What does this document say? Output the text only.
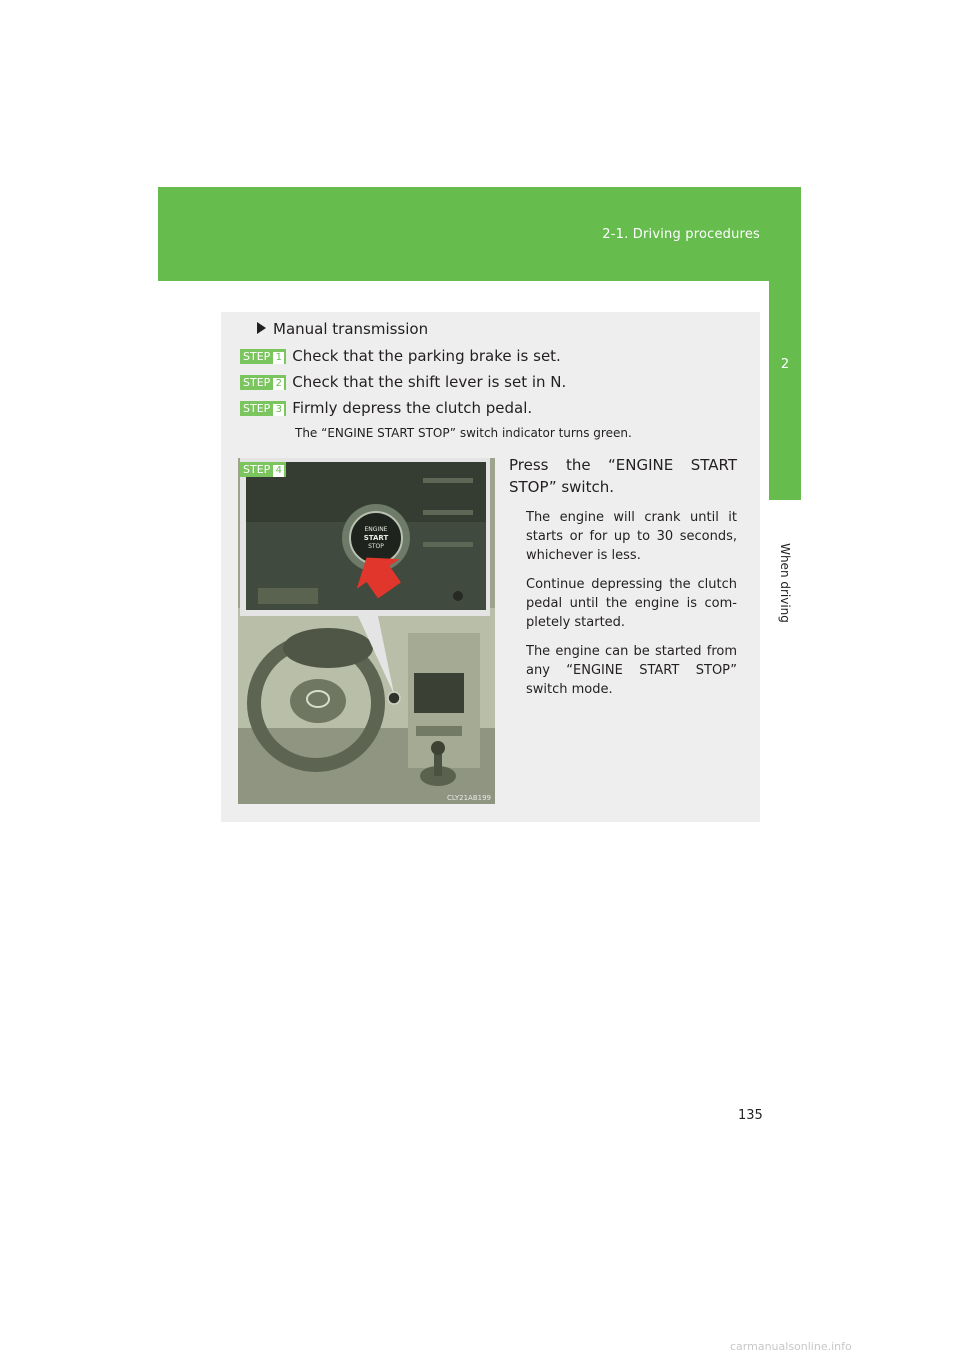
2-1. Driving procedures
2
When driving
Manual transmission
STEP 1 Check that the parking brake is set.
STEP 2 Check that the shift lever is set in N.
STEP 3 Firmly depress the clutch pedal.
The “ENGINE START STOP” switch indicator turns green.
ENGINE
START
STOP
CLY21AB199
STEP 4	Press the “ENGINE START STOP” switch.
The engine will crank until it starts or for up to 30 seconds, whichever is less.
Continue depressing the clutch pedal until the engine is com- pletely started.
The engine can be started from any “ENGINE START STOP” switch mode.
135
carmanualsonline.info
